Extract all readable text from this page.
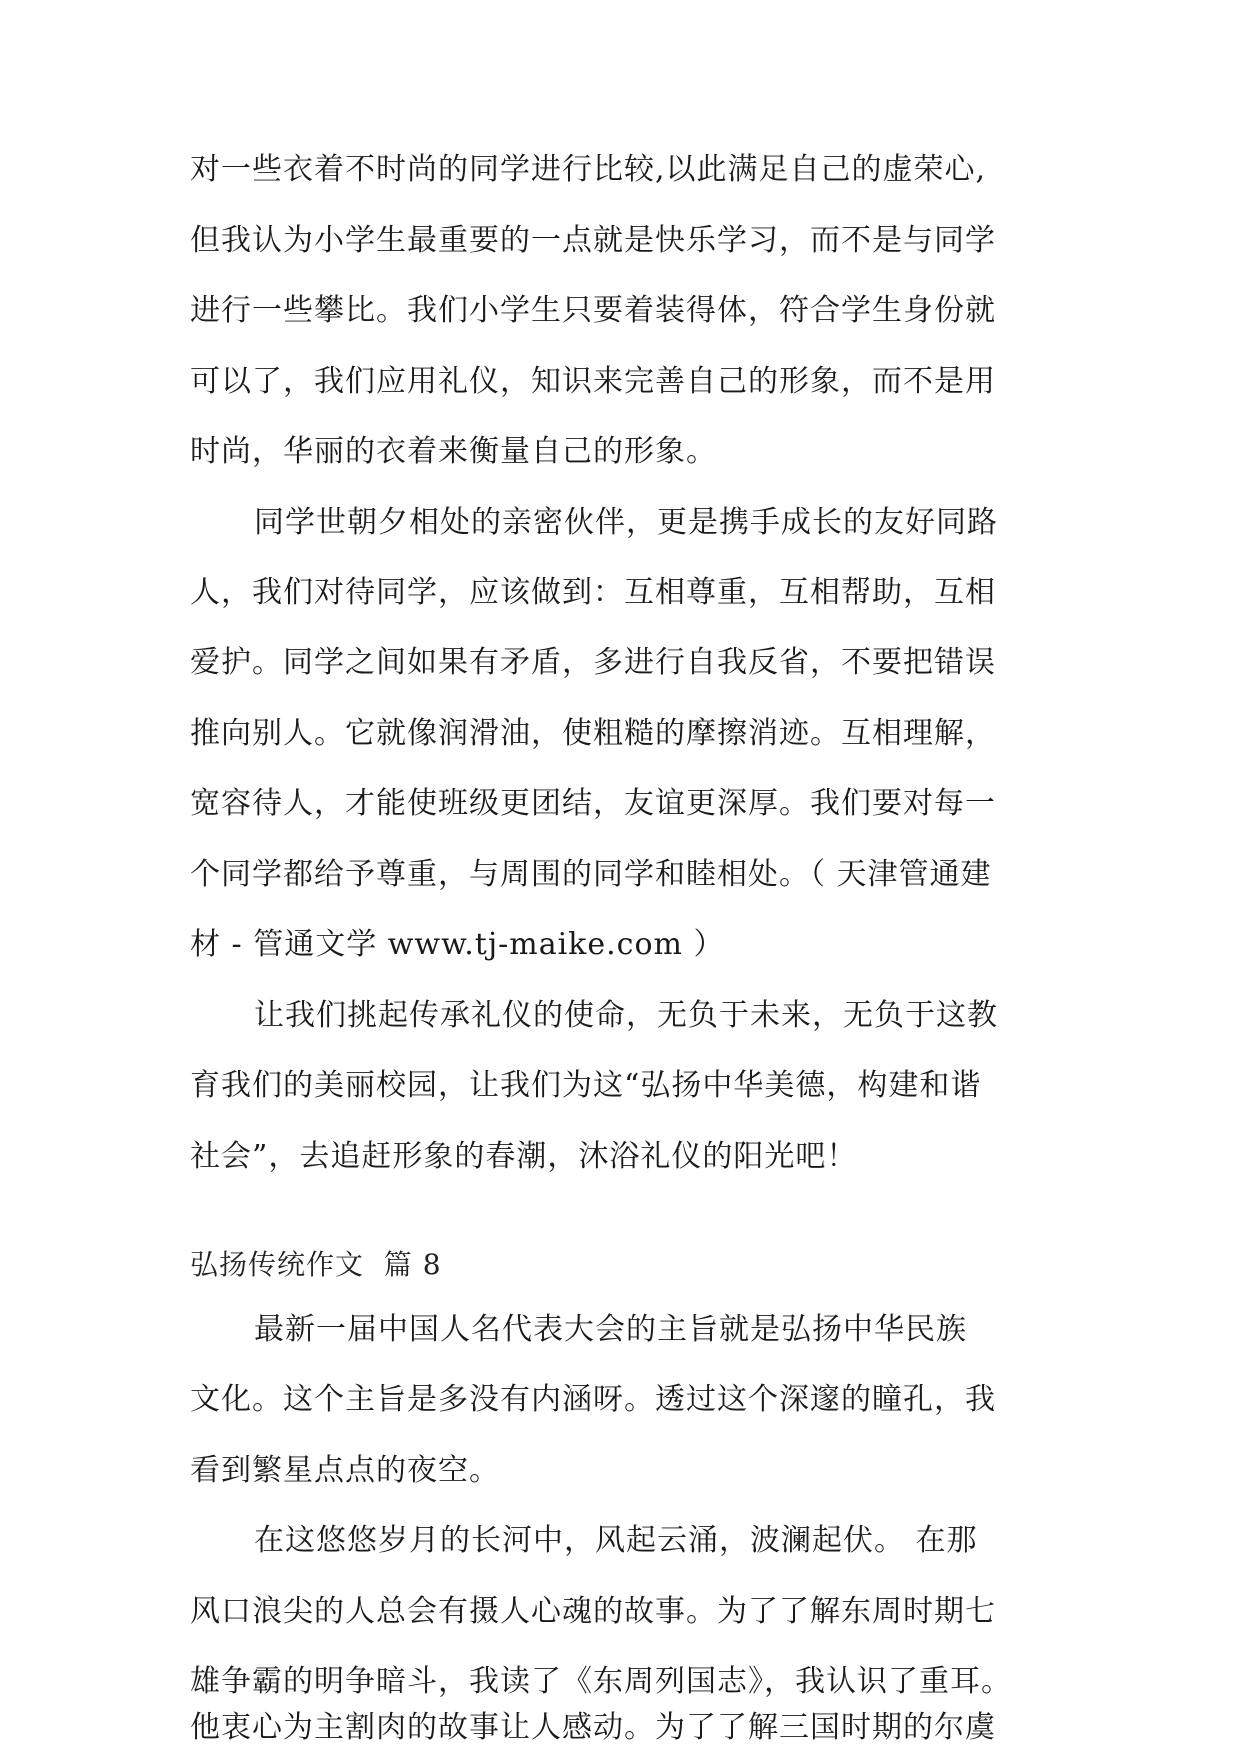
对一些衣着不时尚的同学进行比较,以此满足自己的虚荣心,
但我认为小学生最重要的一点就是快乐学习，而不是与同学
进行一些攀比。我们小学生只要着装得体，符合学生身份就
可以了，我们应用礼仪，知识来完善自己的形象，而不是用
时尚，华丽的衣着来衡量自己的形象。
同学世朝夕相处的亲密伙伴，更是携手成长的友好同路
人，我们对待同学，应该做到：互相尊重，互相帮助，互相
爱护。同学之间如果有矛盾，多进行自我反省，不要把错误
推向别人。它就像润滑油，使粗糙的摩擦消迹。互相理解，
宽容待人，才能使班级更团结，友谊更深厚。我们要对每一
个同学都给予尊重，与周围的同学和睦相处。（ 天津管通建
材 - 管通文学 www.tj-maike.com ）
让我们挑起传承礼仪的使命，无负于未来，无负于这教
育我们的美丽校园，让我们为这“弘扬中华美德，构建和谐
社会”，去追赶形象的春潮，沐浴礼仪的阳光吧！
弘扬传统作文  篇 8
最新一届中国人名代表大会的主旨就是弘扬中华民族
文化。这个主旨是多没有内涵呀。透过这个深邃的瞳孔，我
看到繁星点点的夜空。
在这悠悠岁月的长河中，风起云涌，波澜起伏。 在那
风口浪尖的人总会有摄人心魂的故事。为了了解东周时期七
雄争霸的明争暗斗，我读了《东周列国志》，我认识了重耳。
他衷心为主割肉的故事让人感动。为了了解三国时期的尔虞
